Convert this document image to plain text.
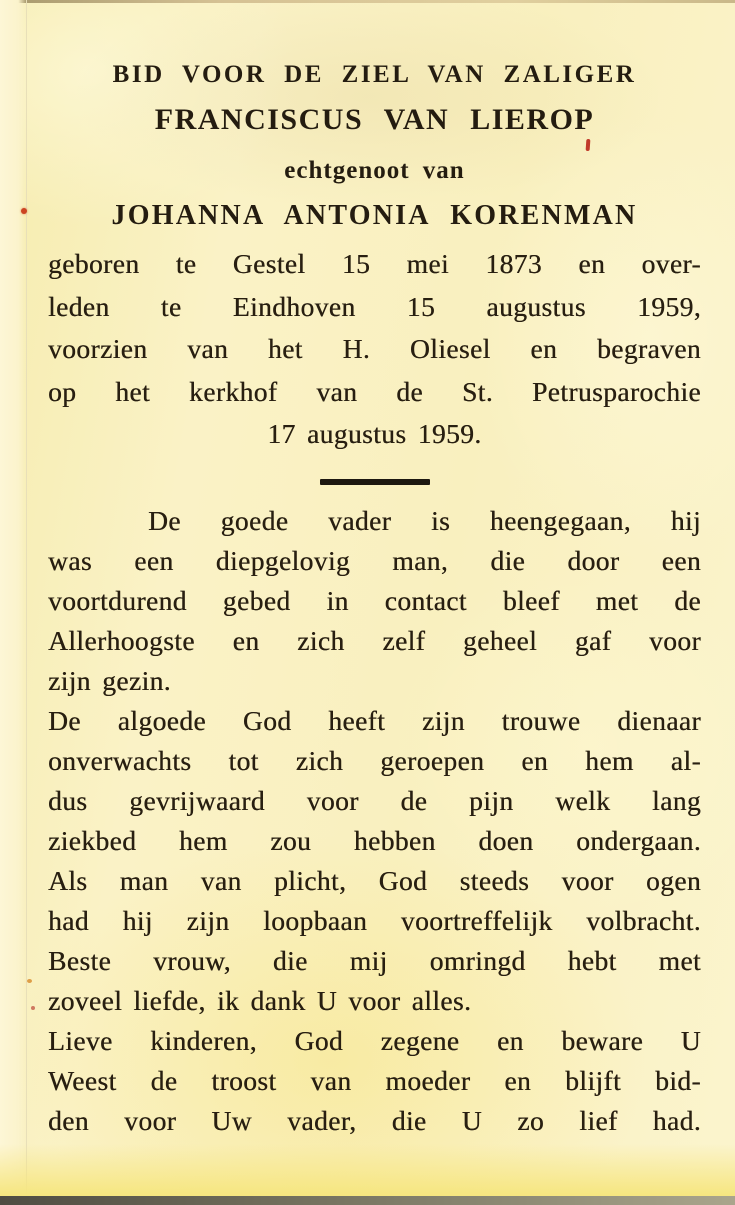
BID VOOR DE ZIEL VAN ZALIGER
FRANCISCUS VAN LIEROP
echtgenoot van
JOHANNA ANTONIA KORENMAN
geboren te Gestel 15 mei 1873 en over-
leden te Eindhoven 15 augustus 1959,
voorzien van het H. Oliesel en begraven
op het kerkhof van de St. Petrusparochie
17 augustus 1959.
De goede vader is heengegaan, hij
was een diepgelovig man, die door een
voortdurend gebed in contact bleef met de
Allerhoogste en zich zelf geheel gaf voor
zijn gezin.
De algoede God heeft zijn trouwe dienaar
onverwachts tot zich geroepen en hem al-
dus gevrijwaard voor de pijn welk lang
ziekbed hem zou hebben doen ondergaan.
Als man van plicht, God steeds voor ogen
had hij zijn loopbaan voortreffelijk volbracht.
Beste vrouw, die mij omringd hebt met
zoveel liefde, ik dank U voor alles.
Lieve kinderen, God zegene en beware U
Weest de troost van moeder en blijft bid-
den voor Uw vader, die U zo lief had.
